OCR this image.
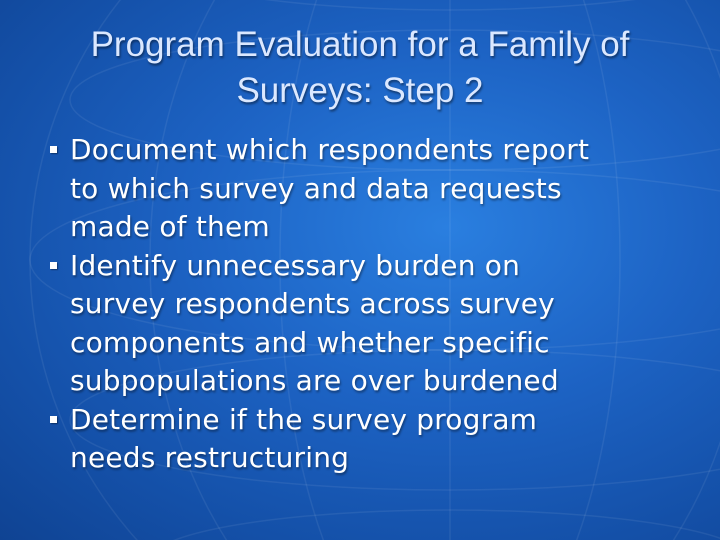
Program Evaluation for a Family of
Surveys: Step 2
Document which respondents report
to which survey and data requests
made of them
Identify unnecessary burden on
survey respondents across survey
components and whether specific
subpopulations are over burdened
Determine if the survey program
needs restructuring
